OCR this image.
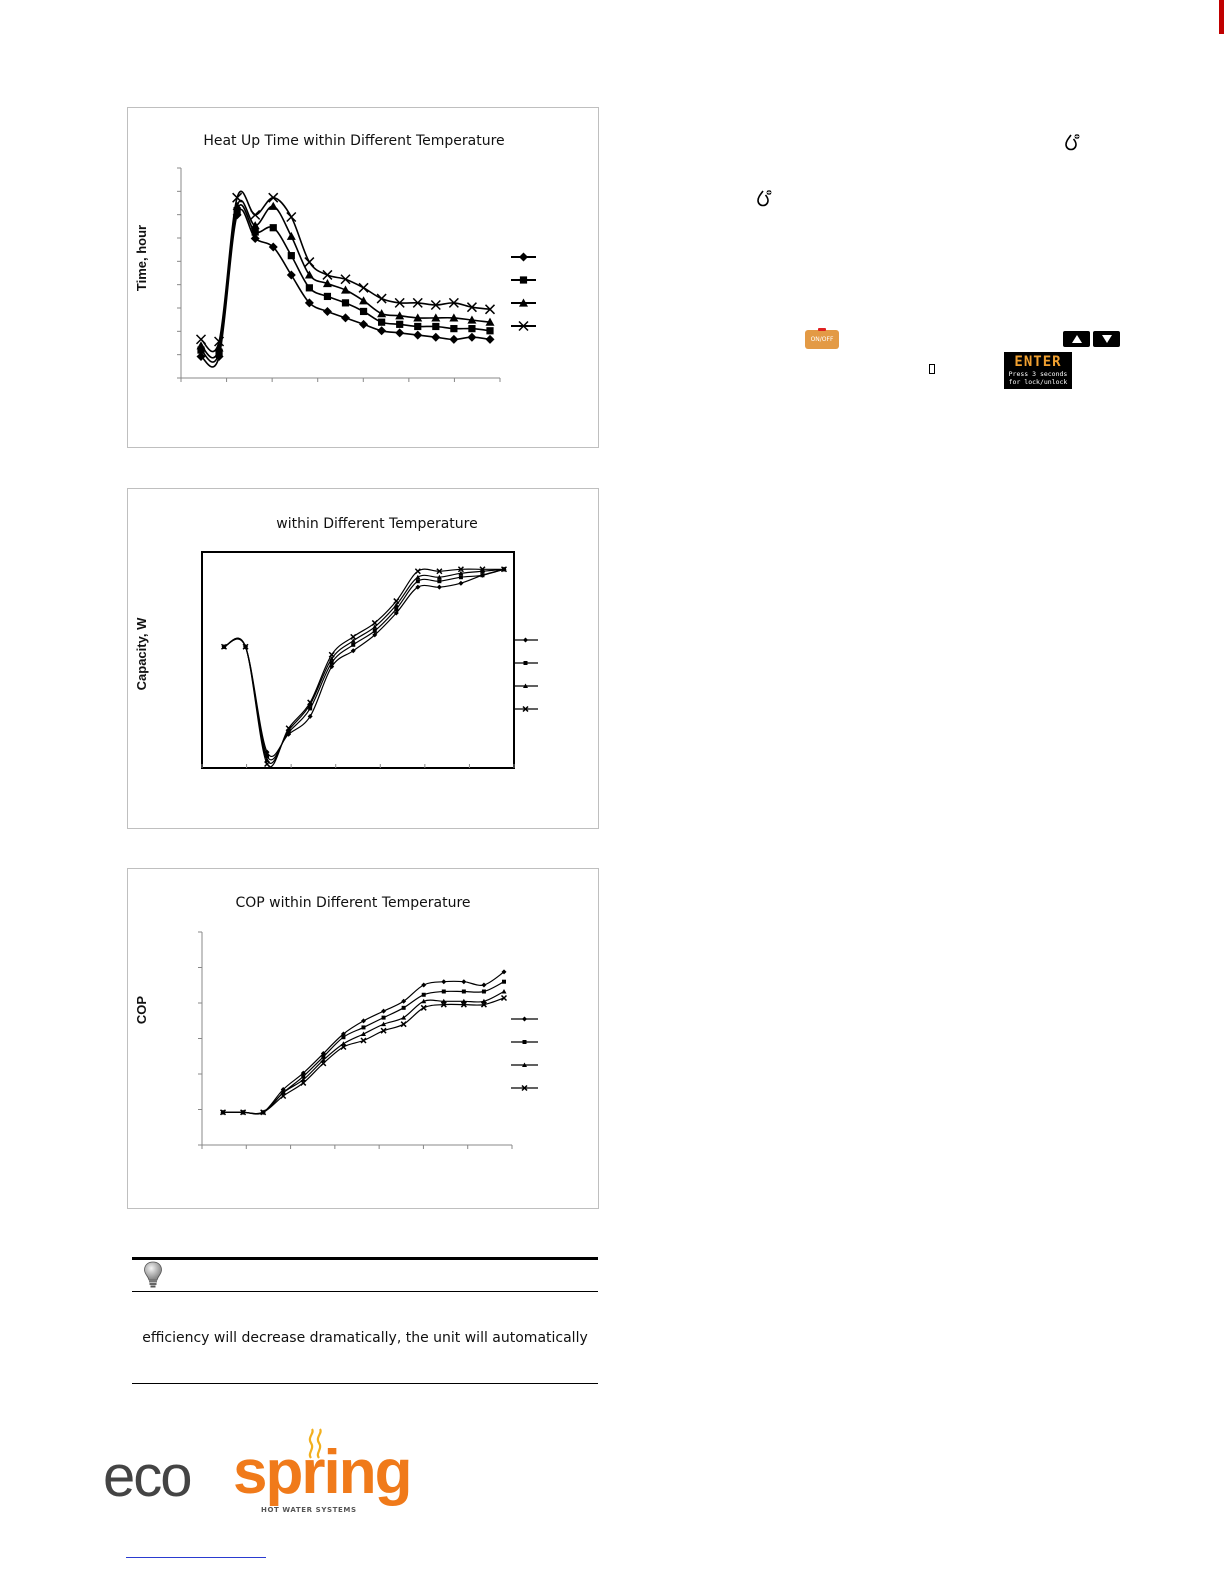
Heat Up Time within Different Temperature
Time, hour
within Different Temperature
Capacity, W
COP within Different Temperature
COP
efficiency will decrease dramatically, the unit will automatically
ON/OFF
ENTER
Press 3 seconds for lock/unlock
eco spring
HOT WATER SYSTEMS
